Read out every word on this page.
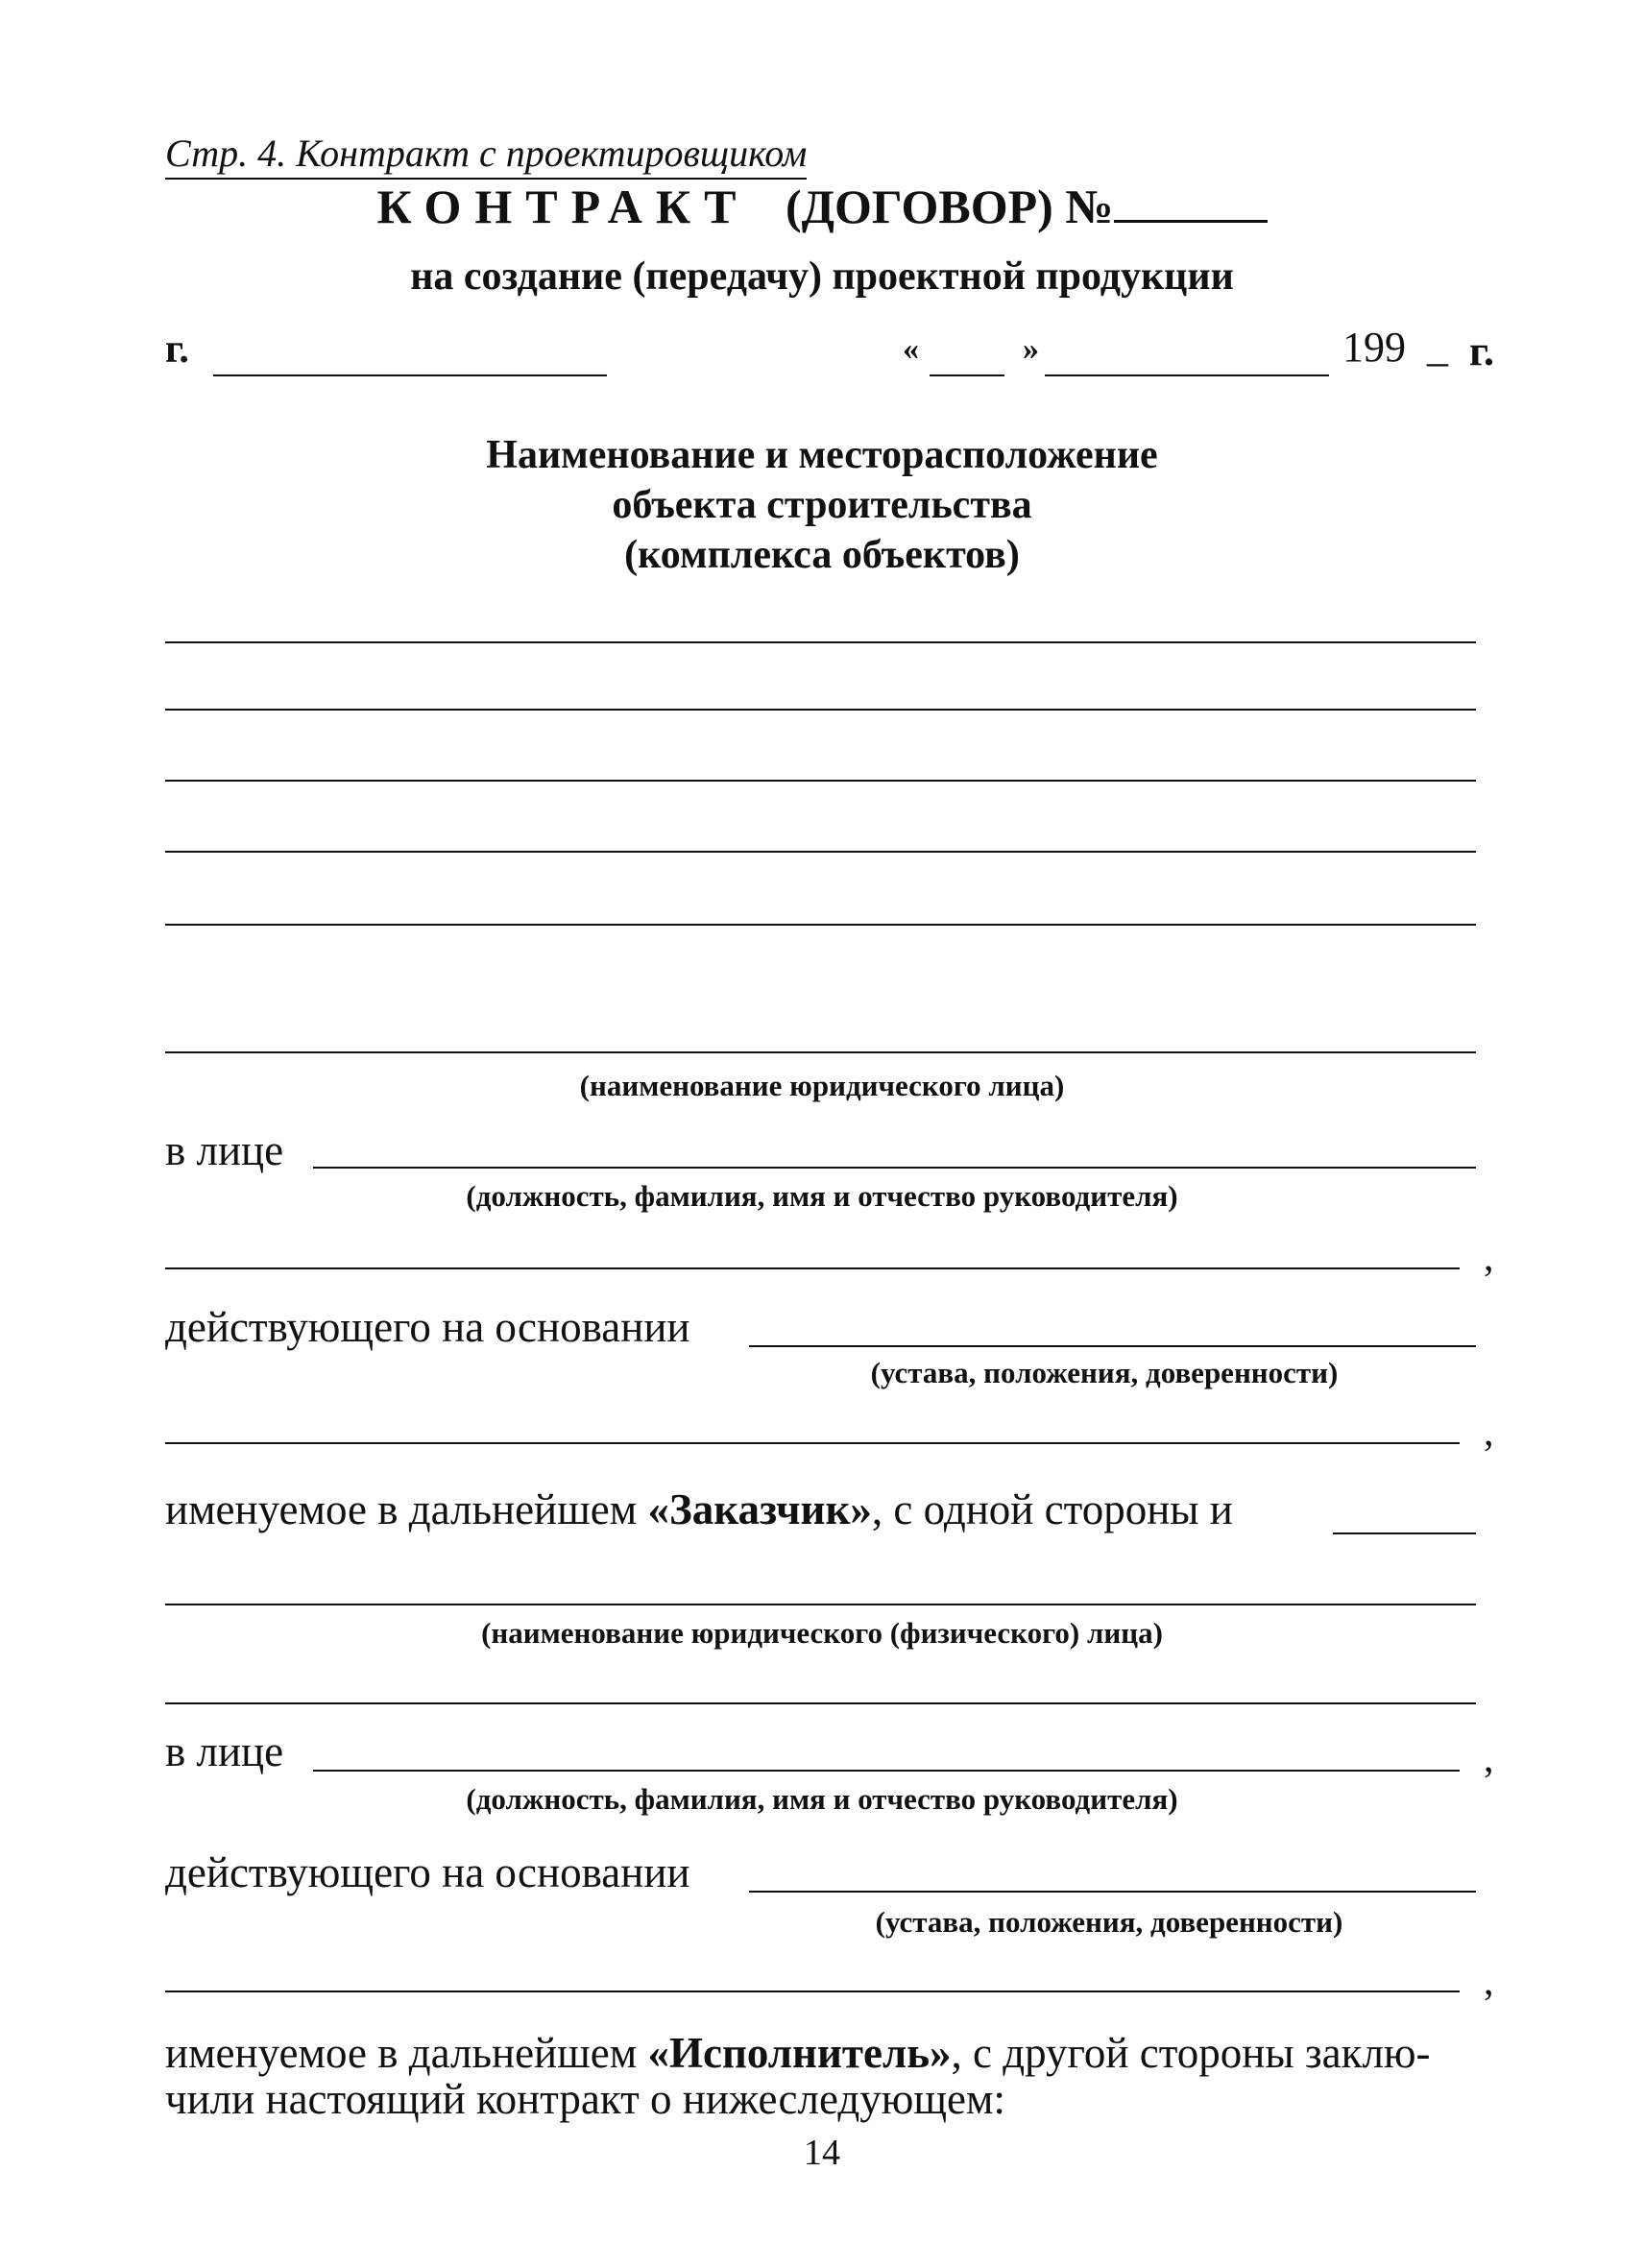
Стр. 4. Контракт с проектировщиком
КОНТРАКТ (ДОГОВОР) №
на создание (передачу) проектной продукции
г.	«	»	199 _ г.
Наименование и месторасположение
объекта строительства
(комплекса объектов)
(наименование юридического лица)
в лице
(должность, фамилия, имя и отчество руководителя)
,
действующего на основании
(устава, положения, доверенности)
,
именуемое в дальнейшем «Заказчик», с одной стороны и
(наименование юридического (физического) лица)
в лице	,
(должность, фамилия, имя и отчество руководителя)
действующего на основании
(устава, положения, доверенности)
,
именуемое в дальнейшем «Исполнитель», с другой стороны заклю-
чили настоящий контракт о нижеследующем:
14
